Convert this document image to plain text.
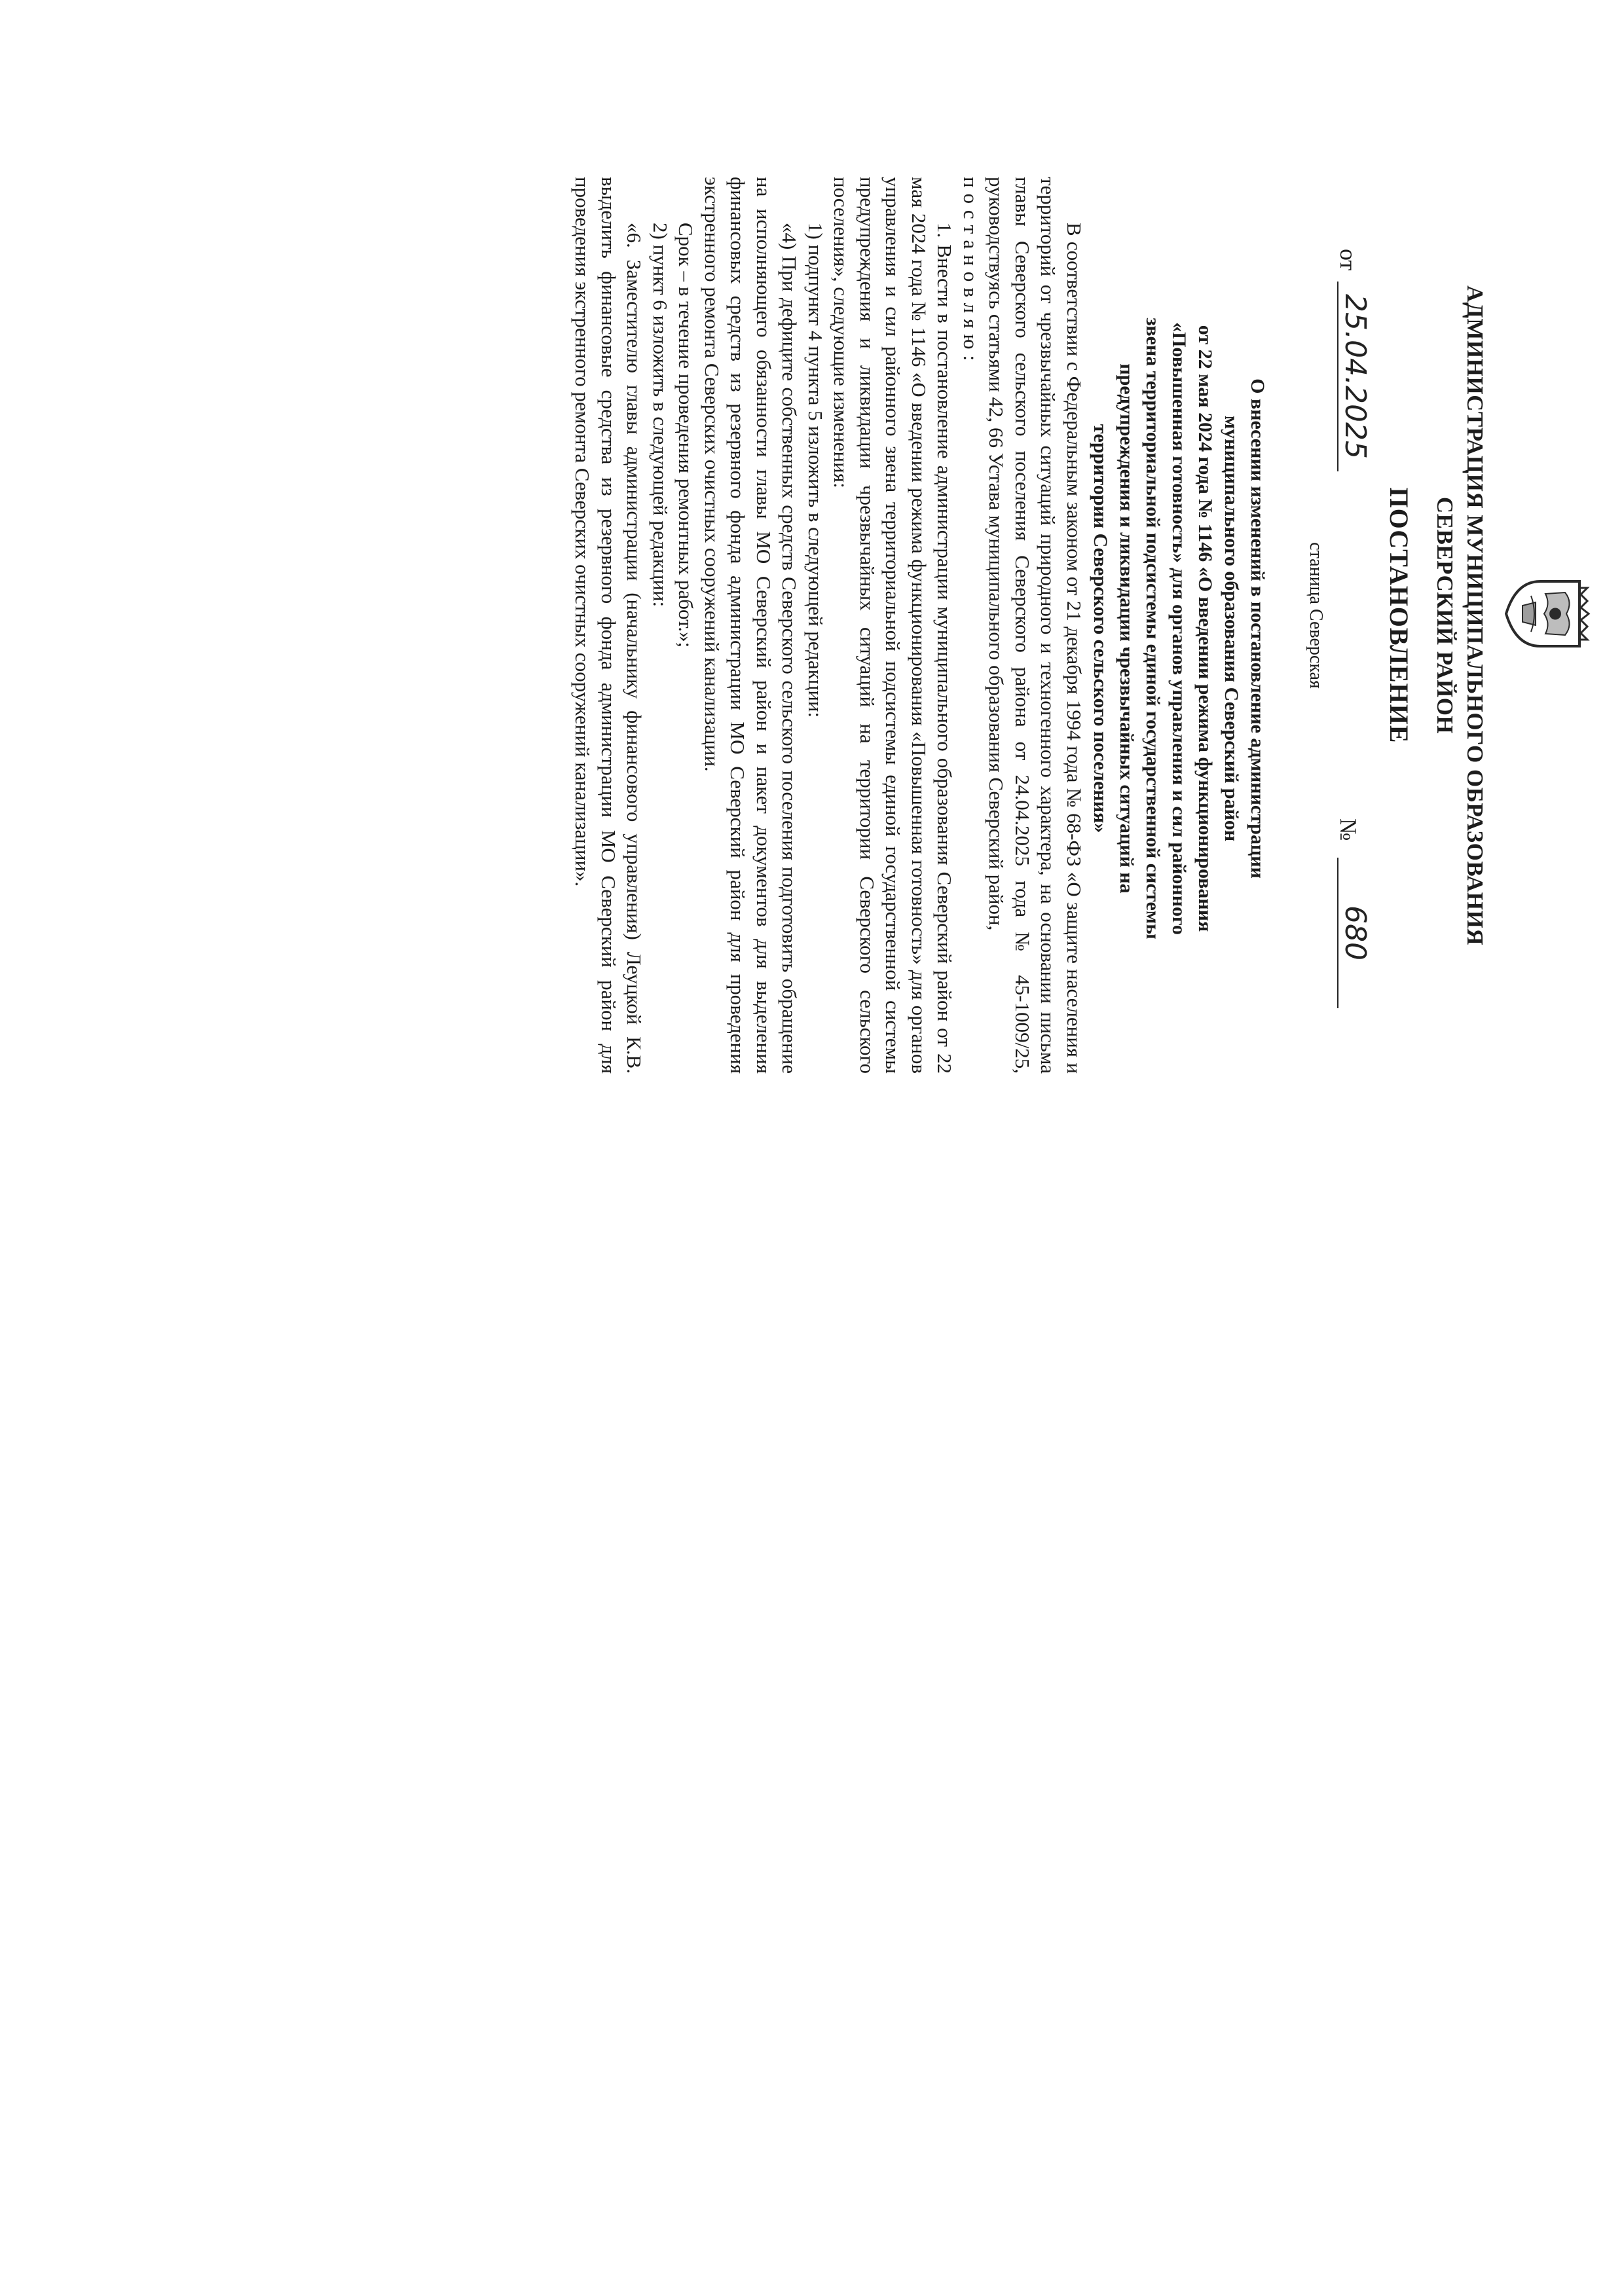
АДМИНИСТРАЦИЯ МУНИЦИПАЛЬНОГО ОБРАЗОВАНИЯ
СЕВЕРСКИЙ РАЙОН
ПОСТАНОВЛЕНИЕ
от
25.04.2025
№
680
станица Северская
О внесении изменений в постановление администрации
муниципального образования Северский район
от 22 мая 2024 года № 1146 «О введении режима функционирования
«Повышенная готовность» для органов управления и сил районного
звена территориальной подсистемы единой государственной системы
предупреждения и ликвидации чрезвычайных ситуаций на
территории Северского сельского поселения»

В соответствии с Федеральным законом от 21 декабря 1994 года № 68-ФЗ «О защите населения и территорий от чрезвычайных ситуаций природного и техногенного характера, на основании письма главы Северского сельского поселения Северского района от 24.04.2025 года № 45-1009/25, руководствуясь статьями 42, 66 Устава муниципального образования Северский район,

постановляю:

1. Внести в постановление администрации муниципального образования Северский район от 22 мая 2024 года № 1146 «О введении режима функционирования «Повышенная готовность» для органов управления и сил районного звена территориальной подсистемы единой государственной системы предупреждения и ликвидации чрезвычайных ситуаций на территории Северского сельского поселения», следующие изменения:

1) подпункт 4 пункта 5 изложить в следующей редакции:

«4) При дефиците собственных средств Северского сельского поселения подготовить обращение на исполняющего обязанности главы МО Северский район и пакет документов для выделения финансовых средств из резервного фонда администрации МО Северский район для проведения экстренного ремонта Северских очистных сооружений канализации.

Срок – в течение проведения ремонтных работ.»;

2) пункт 6 изложить в следующей редакции:

«6. Заместителю главы администрации (начальнику финансового управления) Леуцкой К.В. выделить финансовые средства из резервного фонда администрации МО Северский район для проведения экстренного ремонта Северских очистных сооружений канализации».
